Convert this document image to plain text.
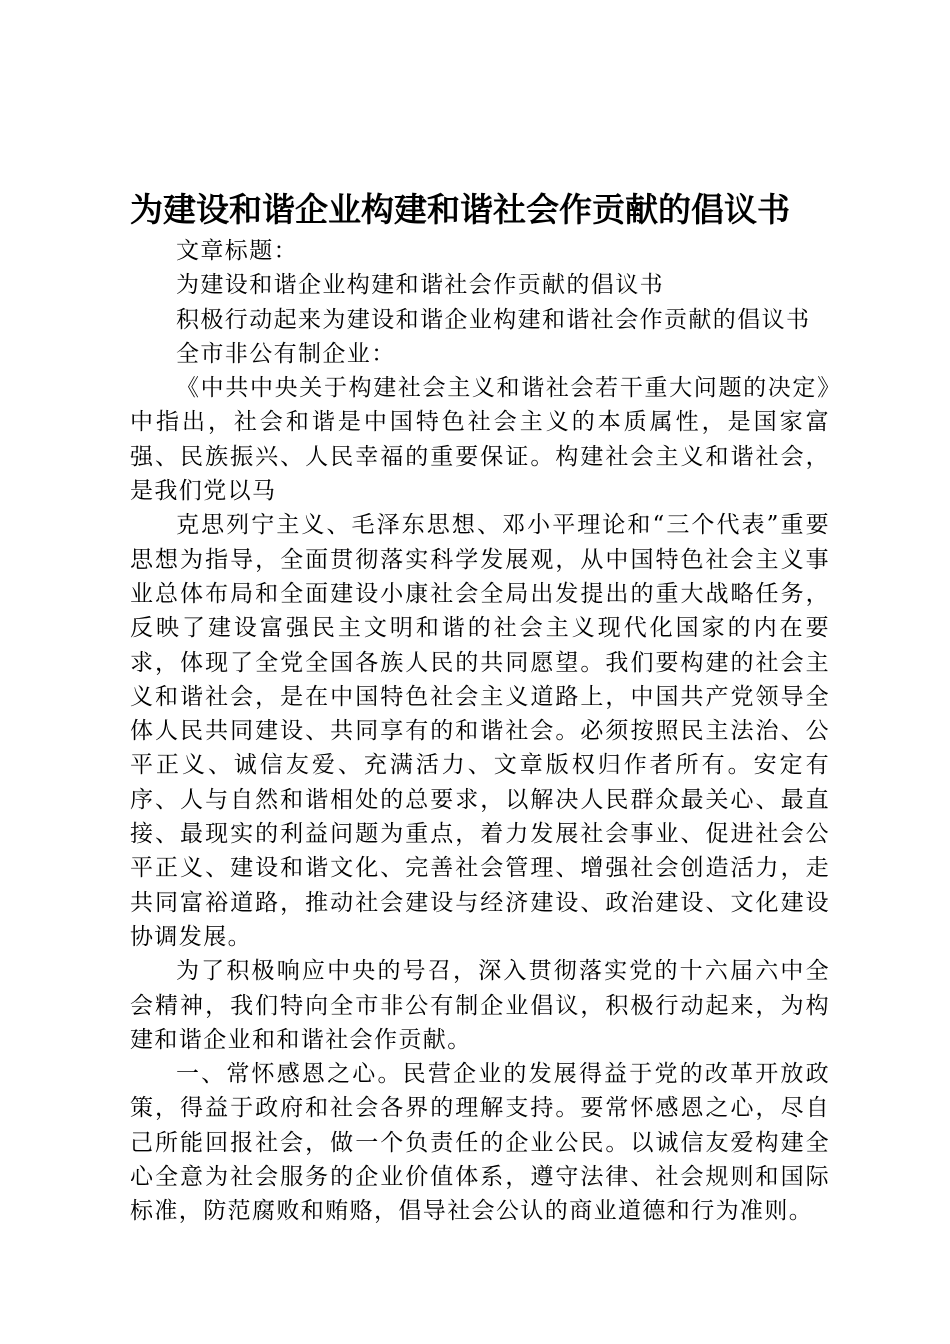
为建设和谐企业构建和谐社会作贡献的倡议书

文章标题：

为建设和谐企业构建和谐社会作贡献的倡议书

积极行动起来为建设和谐企业构建和谐社会作贡献的倡议书

全市非公有制企业：

《中共中央关于构建社会主义和谐社会若干重大问题的决定》中指出，社会和谐是中国特色社会主义的本质属性，是国家富强、民族振兴、人民幸福的重要保证。构建社会主义和谐社会，是我们党以马

克思列宁主义、毛泽东思想、邓小平理论和“三个代表”重要思想为指导，全面贯彻落实科学发展观，从中国特色社会主义事业总体布局和全面建设小康社会全局出发提出的重大战略任务，反映了建设富强民主文明和谐的社会主义现代化国家的内在要求，体现了全党全国各族人民的共同愿望。我们要构建的社会主义和谐社会，是在中国特色社会主义道路上，中国共产党领导全体人民共同建设、共同享有的和谐社会。必须按照民主法治、公平正义、诚信友爱、充满活力、文章版权归作者所有。安定有序、人与自然和谐相处的总要求，以解决人民群众最关心、最直接、最现实的利益问题为重点，着力发展社会事业、促进社会公平正义、建设和谐文化、完善社会管理、增强社会创造活力，走共同富裕道路，推动社会建设与经济建设、政治建设、文化建设协调发展。

为了积极响应中央的号召，深入贯彻落实党的十六届六中全会精神，我们特向全市非公有制企业倡议，积极行动起来，为构建和谐企业和和谐社会作贡献。

一、常怀感恩之心。民营企业的发展得益于党的改革开放政策，得益于政府和社会各界的理解支持。要常怀感恩之心，尽自己所能回报社会，做一个负责任的企业公民。以诚信友爱构建全心全意为社会服务的企业价值体系，遵守法律、社会规则和国际标准，防范腐败和贿赂，倡导社会公认的商业道德和行为准则。
